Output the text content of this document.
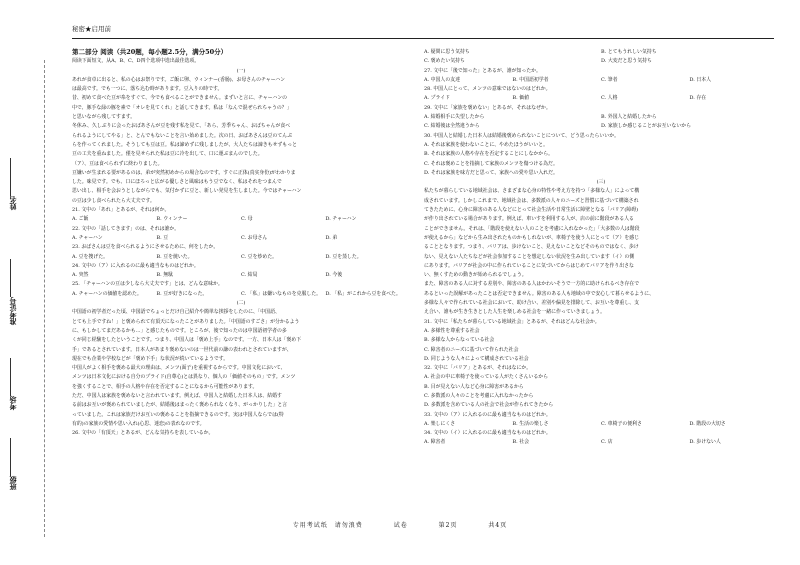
秘密★启用前
姓名
准考证号
考场
班级

第二部分 阅读（共20题，每小题2.5分，满分50分）

阅读下面短文，从A、B、C、D四个选项中选出最佳选项。

(一)

あれが食卓に出ると、私の心はお祭りです。ご飯に卵、ウィンナー(香肠)、お母さんのチャーハン

は最高です。でも一つに、落ち込む時があります。豆入りの時です。

昔、初めて食べた豆が糸をすぐて、今でも食べることができません。まずいと言に、チャーハンの

中で、豚手な緑の豚を素で「オレを見てくれ」と話してきます。私は「なんで混ぜられちゃうの？」

と思いながら残してすます。

冬休み、久しぶりに会ったおばあさんが豆を残す私を見て、「あら、芳季ちゃん、おばちゃんが食べ

られるようにしてやる」と、とんでもないことを言い始めました。次の日、おばあさんは豆のてんぷ

らを作ってくれました。そうしても豆は豆。私は諦めずに残しましたが、大人たちは諦きもせずもっと

豆の工夫を重ねました。僅を見せられた私は豆に冷を出して、口に運ぶまんのでした。

（ア）、豆は食べられずに終わりました。

豆嫌いが生まれる要があるのは、弟が突然初めからの場合なのです。すぐに正体(真实身份)がわかりま

した。味見です。でも、口にほろっと広がる優しさと風味はもう豆でなく、私はそれをつまんで

思い出し、相手を会おうとしながらでも、気付かずに豆と、新しい発見を生しました。今ではチャーハン

の豆は少し食べられたら大丈夫です。

21. 文中の「あれ」とあるが、それは何か。

A. ご飯	B. ウィンナー	C. 母	D. チャーハン

22. 文中の「話してきます」のは、それは誰か。

A. チャーハン	B. 豆	C. お母さん	D. 弟

23. おばさんは豆を食べられるようにさせるために、何をしたか。

A. 豆を捜げた。	B. 豆を焼いた。	C. 豆を炒めた。	D. 豆を蒸した。

24. 文中の（ア）に入れるのに最も適当なものはどれか。

A. 突然	B. 無駄	C. 結局	D. 今後

25. 「チャーハンの豆は少しなら大丈夫です」とは、どんな意味か。

A. チャーハンの価値を認めた。	B. 豆が好きになった。	C. 「私」は嫌いなものを克服した。 D. 「私」がこれから豆を食べた。

(二)

中国語の初学者だった頃、中国語でちょっとだけ自己紹介や簡単な挨拶をしたのに、「中国語、

とても上手ですね！」と褒められて有頂天になったことがありました。「中国語のすごさ」が分かるよう

に、もしかしてまだあるかも…」と感じたものです。ところが、後で知ったのは中国語初学者の多

くが同じ経験をしたということです。つまり、中国人は「褒め上手」なのです。一方、日本人は「褒め下

手」であるとされています。日本人があまり褒めないのは一世代前の謙の表われとされていますが、

現在でも企業や学校などが「褒め下手」な状況が続いているようです。

中国人がよく相手を褒める最大の理由は、メンツ(面子)を重視するからです。中国文化において、

メンツは日本文化における自分のプライド(自尊心)とは異なり、個人の「価値そのもの」です。メンツ

を強くすることで、相手の人格や存在を否定することになるから可能性があります。

ただ、中国人は家族を褒めないと言われています。例えば、中国人と結婚した日本人は、結婚す

る前はお互いが褒められていましたが、結婚後はまったく褒められなくなり、がっかりした」と言

っていました。これは家族だけお互いの褒めることを指摘できるのです。実は中国人ならでは(特

有的)の家族の愛情や思い入れ(心思、迷恋)の表れなのです。

26. 文中の「有頂天」とあるが、どんな気持ちを表しているか。

A. 疑問に思う気持ち	B. とてもうれしい気持ち
C. 褒めたい気持ち	D. 大変だと思う気持ち

27. 文中に「後で知った」とあるが、誰が知ったか。

A. 中国人の友達	B. 中国語初学者	C. 筆者	D. 日本人

28. 中国人にとって、メンツの意味ではないのはどれか。

A. プライド	B. 価値	C. 人格	D. 存在

29. 文中に「家族を褒めない」とあるが、それはなぜか。

A. 結婚相手に失望したから	B. 外国人と結婚したから
C. 結婚後は全然違うから	D. 家族しか感じることがお互いないから

30. 中国人と結婚した日本人は結婚後褒められないことについて、どう思ったらいいか。

A. それは家族を使わないことに、やめたほうがいいと。

B. それは家族の人格や存在を否定することにしなかから。

C. それは褒めことを指摘して家族のメンツを傷つける為だ。

D. それは家族を味方だと思って、家族への愛や思い入れだ。

(三)

私たちが暮らしている地域社会は、さまざまな心身の特性や考え方を持つ「多様な人」によって構

成されています。しかしこれまで、地域社会は、多数派の人々のニーズと習慣に基づいて構築され

てきたために、心身に障害のある人などにとって社会生活や日常生活に障壁となる「バリア(障碍)

が作り出されている場合があります。例えば、車いすを利用する人が、店の前に階段がある人る

ことができません。それは、「階段を使えない人のことを考慮に入れなかった」「大多数の人は階段

が使えるから」などから生み出されたものかもしれないが、車椅子を使う人にとって（ア）を感じ

ることとなります。つまり、バリアは、歩けないこと、見えないことなどそのものではなく、歩け

ない、見えない人たちなどが社会参加することを想定しない状況を生み出しています（イ）の側

にあります。バリアが社会の中に作られていることに気づいてからはじめてバリアを作り出さな

い、無くすための動きが始められるでしょう。

また、障害のある人に対する差別や、障害のある人はかわいそうで一方的に助けられるべき存在で

あるといった誤解があったことは否定できません。障害のある人も地域の中で安心して暮らせるように、

多様な人々で作られている社会において、助け合い、差別や偏見を排除して、お互いを尊重し、支

え合い、誰もが生き生きとした人生を楽しめる社会を一緒に作っていきましょう。

31. 文中に「私たちが暮らしている地域社会」とあるが、それはどんな社会か。

A. 多様性を尊重する社会

B. 多様な人からなっている社会

C. 障害者のニーズに基づいて作られた社会

D. 同じような人々によって構成されている社会

32. 文中に「バリア」とあるが、それはなにか。

A. 社会の中に車椅子を使っている人がたくさんいるから

B. 目が見えない人など心身に障害があるから

C. 多数派の人々のことを考慮に入れなかったから

D. 多数派を含めている人の社会で社会が作られてきたから

33. 文中の（ア）に入れるのに最も適当なものはどれか。

A. 楽しにくさ	B. 生活の楽しさ	C. 車椅子の便利さ	D. 階段の大切さ

34. 文中の（イ）に入れるのに最も適当なものはどれか。

A. 障害者	B. 社会	C. 店	D. 歩けない人
专用考试纸　请勿浪费	试卷	第2页	共4页
